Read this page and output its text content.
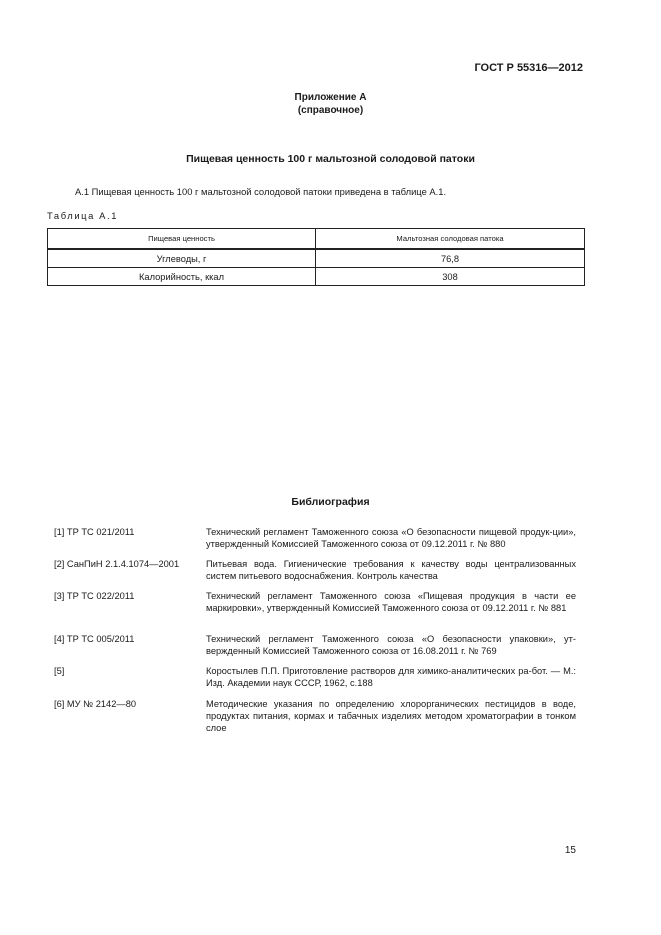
ГОСТ Р 55316—2012
Приложение А
(справочное)
Пищевая ценность 100 г мальтозной солодовой патоки
А.1 Пищевая ценность 100 г мальтозной солодовой патоки приведена в таблице А.1.
Таблица А.1
Пищевая ценность	Мальтозная солодовая патока
Углеводы, г	76,8
Калорийность, ккал	308
Библиография
[1] ТР ТС 021/2011	Технический регламент Таможенного союза «О безопасности пищевой продук-ции», утвержденный Комиссией Таможенного союза от 09.12.2011 г. № 880
[2] СанПиН 2.1.4.1074—2001	Питьевая вода. Гигиенические требования к качеству воды централизованных систем питьевого водоснабжения. Контроль качества
[3] ТР ТС 022/2011	Технический регламент Таможенного союза «Пищевая продукция в части ее маркировки», утвержденный Комиссией Таможенного союза от 09.12.2011 г. № 881
[4] ТР ТС 005/2011	Технический регламент Таможенного союза «О безопасности упаковки», ут-вержденный Комиссией Таможенного союза от 16.08.2011 г. № 769
[5]	Коростылев П.П. Приготовление растворов для химико-аналитических ра-бот. — М.: Изд. Академии наук СССР, 1962, с.188
[6] МУ № 2142—80	Методические указания по определению хлорорганических пестицидов в воде, продуктах питания, кормах и табачных изделиях методом хроматографии в тонком слое
15
